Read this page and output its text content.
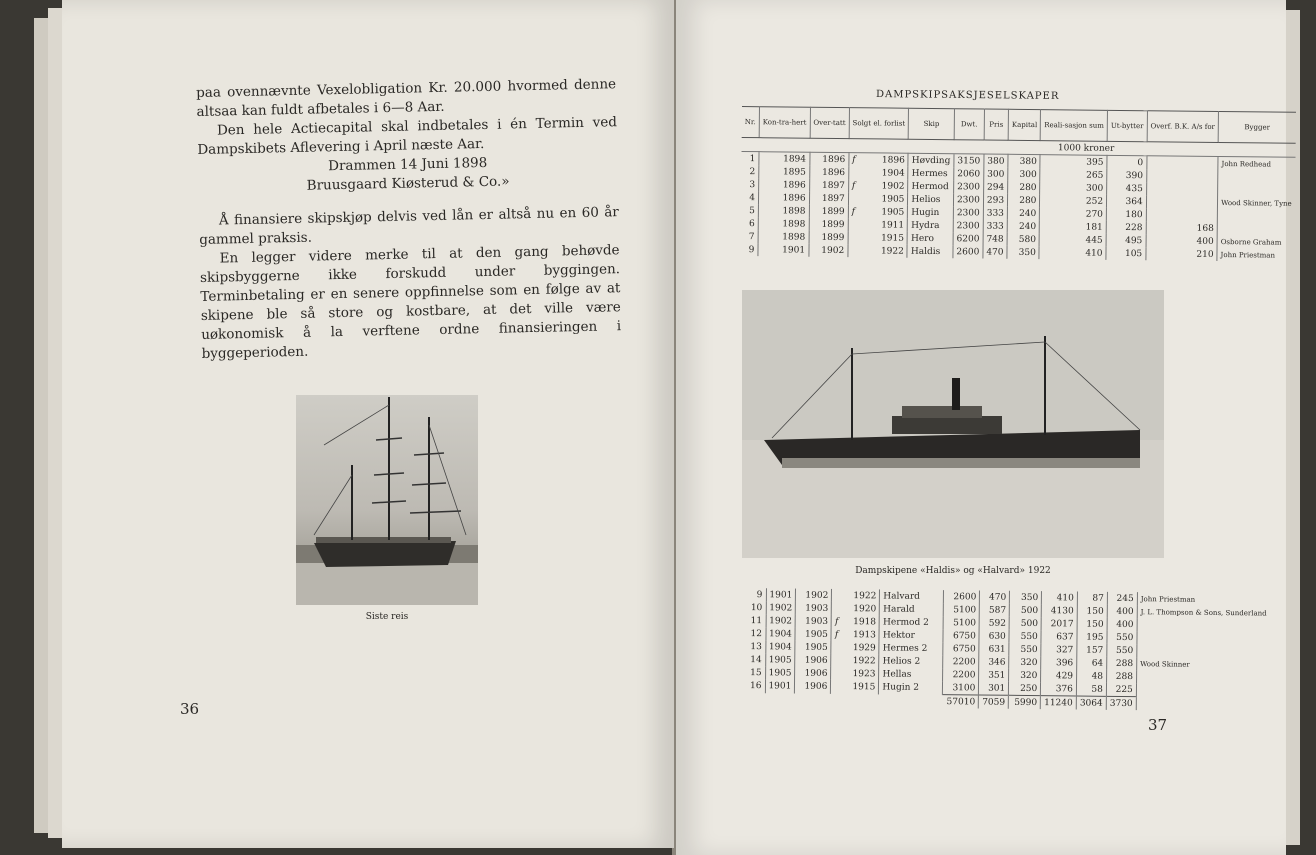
paa ovennævnte Vexelobligation Kr. 20.000 hvormed denne altsaa kan fuldt afbetales i 6—8 Aar.

Den hele Actiecapital skal indbetales i én Termin ved Dampskibets Aflevering i April næste Aar.

Drammen 14 Juni 1898

Bruusgaard Kiøsterud & Co.»

Å finansiere skipskjøp delvis ved lån er altså nu en 60 år gammel praksis.

En legger videre merke til at den gang behøvde skipsbyggerne ikke forskudd under byggingen. Terminbetaling er en senere oppfinnelse som en følge av at skipene ble så store og kostbare, at det ville være uøkonomisk å la verftene ordne finansieringen i byggeperioden.

Siste reis
36
DAMPSKIPSAKSJESELSKAPER
Nr.	Kon-tra-hert	Over-tatt	Solgt el. forlist	Skip	Dwt.	Pris	Kapital	Reali-sasjon sum	Ut-bytter	Overf. B.K. A/s for	Bygger
					1000 kroner						
1	1894	1896	f 1896	Høvding	3150	380	380	395	0		John Redhead
2	1895	1896	1904	Hermes	2060	300	300	265	390		
3	1896	1897	f 1902	Hermod	2300	294	280	300	435		
4	1896	1897	1905	Helios	2300	293	280	252	364		Wood Skinner, Tyne
5	1898	1899	f 1905	Hugin	2300	333	240	270	180		
6	1898	1899	1911	Hydra	2300	333	240	181	228	168	
7	1898	1899	1915	Hero	6200	748	580	445	495	400	Osborne Graham
9	1901	1902	1922	Haldis	2600	470	350	410	105	210	John Priestman
Dampskipene «Haldis» og «Halvard» 1922
9	1901	1902	1922	Halvard	2600	470	350	410	87	245	John Priestman
10	1902	1903	1920	Harald	5100	587	500	4130	150	400	J. L. Thompson & Sons, Sunderland
11	1902	1903	f 1918	Hermod 2	5100	592	500	2017	150	400	
12	1904	1905	f 1913	Hektor	6750	630	550	637	195	550	
13	1904	1905	1929	Hermes 2	6750	631	550	327	157	550	
14	1905	1906	1922	Helios 2	2200	346	320	396	64	288	Wood Skinner
15	1905	1906	1923	Hellas	2200	351	320	429	48	288	
16	1901	1906	1915	Hugin 2	3100	301	250	376	58	225	
					57010	7059	5990	11240	3064	3730	
37
